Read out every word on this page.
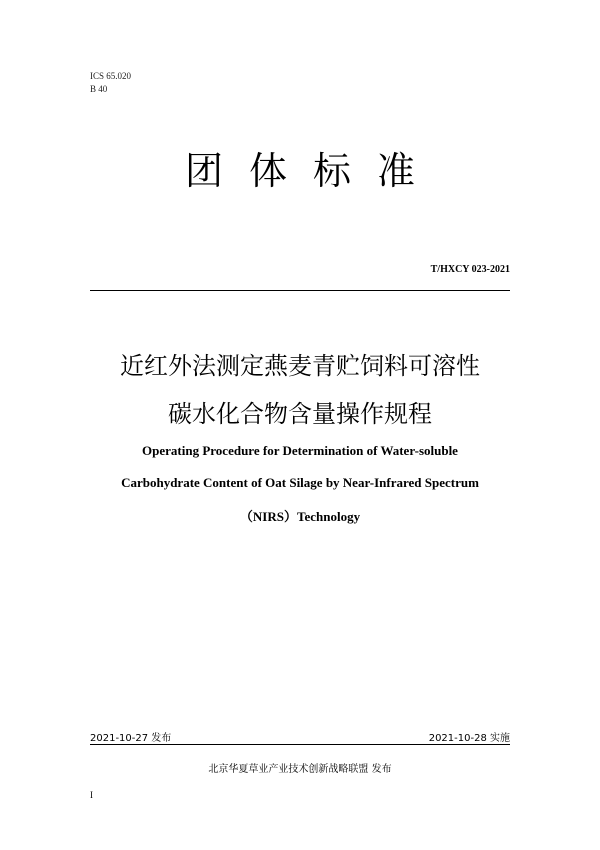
ICS 65.020
B 40
团体标准
T/HXCY 023-2021
近红外法测定燕麦青贮饲料可溶性
碳水化合物含量操作规程
Operating Procedure for Determination of Water-soluble
Carbohydrate Content of Oat Silage by Near-Infrared Spectrum
（NIRS）Technology
2021-10-27 发布	2021-10-28 实施
北京华夏草业产业技术创新战略联盟 发布
I
